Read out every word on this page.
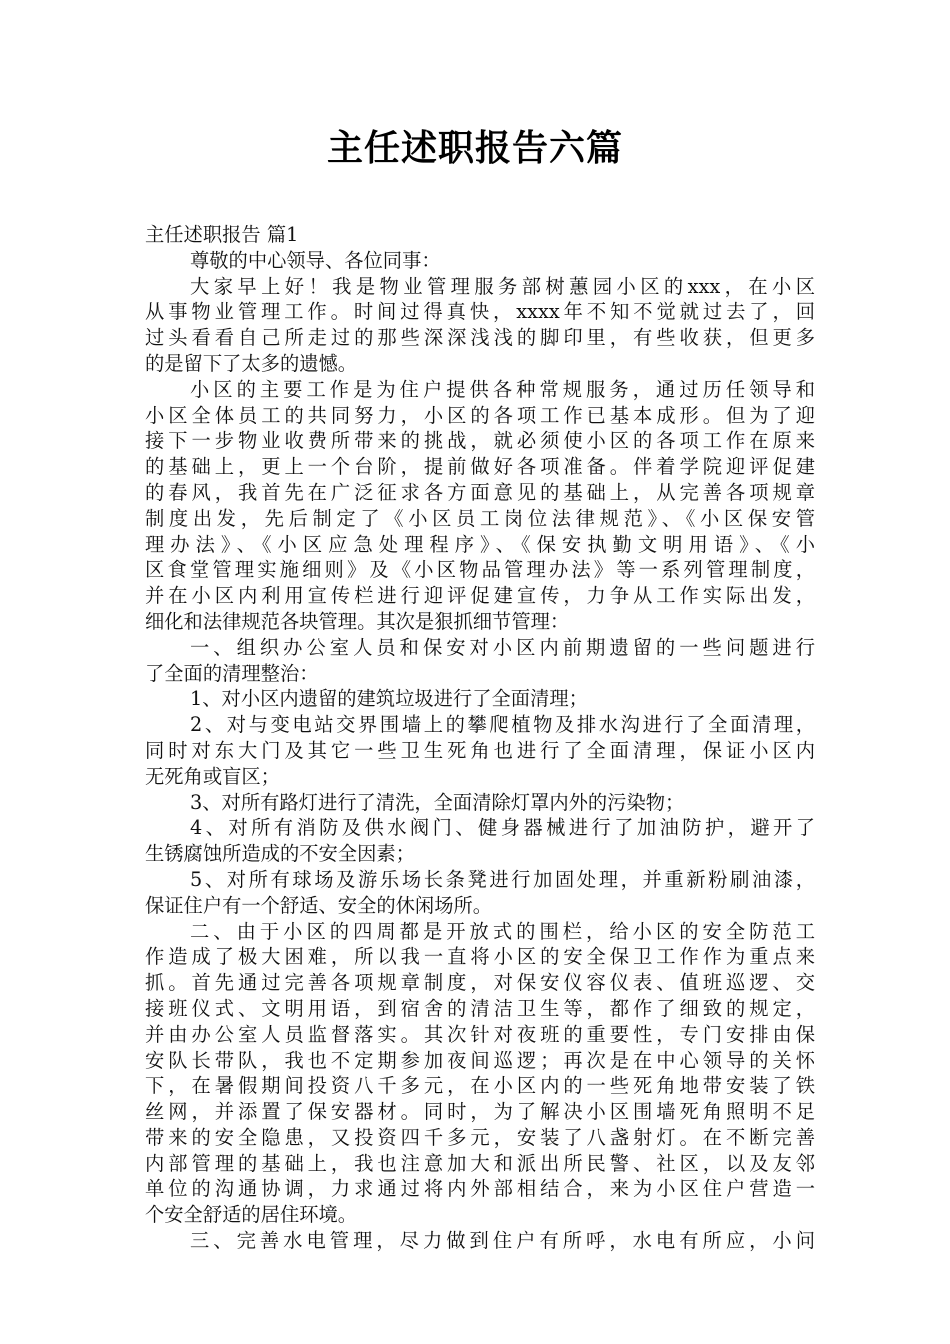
主任述职报告六篇
主任述职报告 篇1
尊敬的中心领导、各位同事：
大家早上好！我是物业管理服务部树蕙园小区的xxx，在小区
从事物业管理工作。时间过得真快，xxxx年不知不觉就过去了，回
过头看看自己所走过的那些深深浅浅的脚印里，有些收获，但更多
的是留下了太多的遗憾。
小区的主要工作是为住户提供各种常规服务，通过历任领导和
小区全体员工的共同努力，小区的各项工作已基本成形。但为了迎
接下一步物业收费所带来的挑战，就必须使小区的各项工作在原来
的基础上，更上一个台阶，提前做好各项准备。伴着学院迎评促建
的春风，我首先在广泛征求各方面意见的基础上，从完善各项规章
制度出发，先后制定了《小区员工岗位法律规范》、《小区保安管
理办法》、《小区应急处理程序》、《保安执勤文明用语》、《小
区食堂管理实施细则》及《小区物品管理办法》等一系列管理制度，
并在小区内利用宣传栏进行迎评促建宣传，力争从工作实际出发，
细化和法律规范各块管理。其次是狠抓细节管理：
一、组织办公室人员和保安对小区内前期遗留的一些问题进行
了全面的清理整治：
1、对小区内遗留的建筑垃圾进行了全面清理；
2、对与变电站交界围墙上的攀爬植物及排水沟进行了全面清理，
同时对东大门及其它一些卫生死角也进行了全面清理，保证小区内
无死角或盲区；
3、对所有路灯进行了清洗，全面清除灯罩内外的污染物；
4、对所有消防及供水阀门、健身器械进行了加油防护，避开了
生锈腐蚀所造成的不安全因素；
5、对所有球场及游乐场长条凳进行加固处理，并重新粉刷油漆，
保证住户有一个舒适、安全的休闲场所。
二、由于小区的四周都是开放式的围栏，给小区的安全防范工
作造成了极大困难，所以我一直将小区的安全保卫工作作为重点来
抓。首先通过完善各项规章制度，对保安仪容仪表、值班巡逻、交
接班仪式、文明用语，到宿舍的清洁卫生等，都作了细致的规定，
并由办公室人员监督落实。其次针对夜班的重要性，专门安排由保
安队长带队，我也不定期参加夜间巡逻；再次是在中心领导的关怀
下，在暑假期间投资八千多元，在小区内的一些死角地带安装了铁
丝网，并添置了保安器材。同时，为了解决小区围墙死角照明不足
带来的安全隐患，又投资四千多元，安装了八盏射灯。在不断完善
内部管理的基础上，我也注意加大和派出所民警、社区，以及友邻
单位的沟通协调，力求通过将内外部相结合，来为小区住户营造一
个安全舒适的居住环境。
三、完善水电管理，尽力做到住户有所呼，水电有所应，小问
